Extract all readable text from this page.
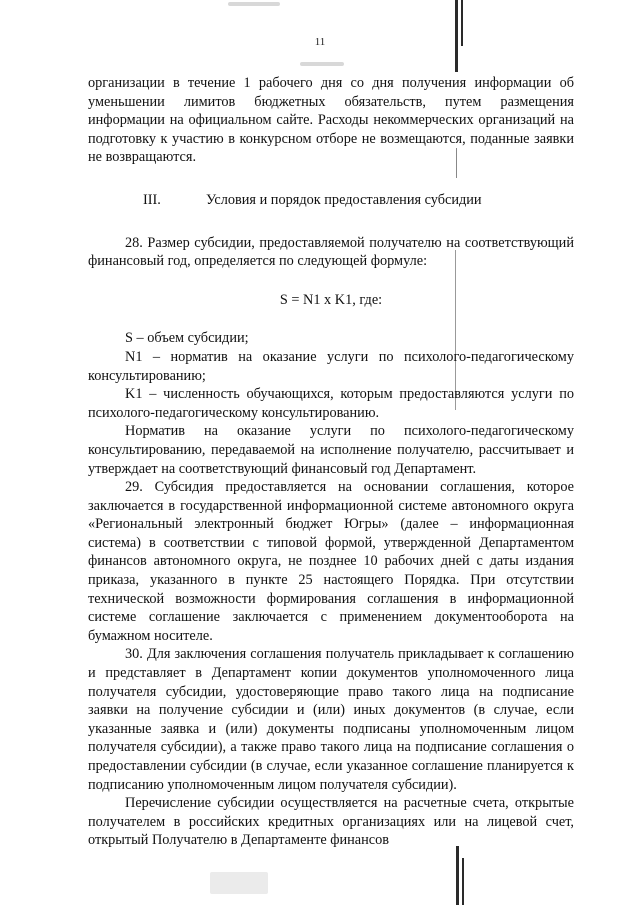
11

организации в течение 1 рабочего дня со дня получения информации об уменьшении лимитов бюджетных обязательств, путем размещения информации на официальном сайте. Расходы некоммерческих организаций на подготовку к участию в конкурсном отборе не возмещаются, поданные заявки не возвращаются.

III.	Условия и порядок предоставления субсидии

28. Размер субсидии, предоставляемой получателю на соответствующий финансовый год, определяется по следующей формуле:

S = N1 x K1, где:

S – объем субсидии;

N1 – норматив на оказание услуги по психолого-педагогическому консультированию;

K1 – численность обучающихся, которым предоставляются услуги по психолого-педагогическому консультированию.

Норматив на оказание услуги по психолого-педагогическому консультированию, передаваемой на исполнение получателю, рассчитывает и утверждает на соответствующий финансовый год Департамент.

29. Субсидия предоставляется на основании соглашения, которое заключается в государственной информационной системе автономного округа «Региональный электронный бюджет Югры» (далее – информационная система) в соответствии с типовой формой, утвержденной Департаментом финансов автономного округа, не позднее 10 рабочих дней с даты издания приказа, указанного в пункте 25 настоящего Порядка. При отсутствии технической возможности формирования соглашения в информационной системе соглашение заключается с применением документооборота на бумажном носителе.

30. Для заключения соглашения получатель прикладывает к соглашению и представляет в Департамент копии документов уполномоченного лица получателя субсидии, удостоверяющие право такого лица на подписание заявки на получение субсидии и (или) иных документов (в случае, если указанные заявка и (или) документы подписаны уполномоченным лицом получателя субсидии), а также право такого лица на подписание соглашения о предоставлении субсидии (в случае, если указанное соглашение планируется к подписанию уполномоченным лицом получателя субсидии).

Перечисление субсидии осуществляется на расчетные счета, открытые получателем в российских кредитных организациях или на лицевой счет, открытый Получателю в Департаменте финансов
